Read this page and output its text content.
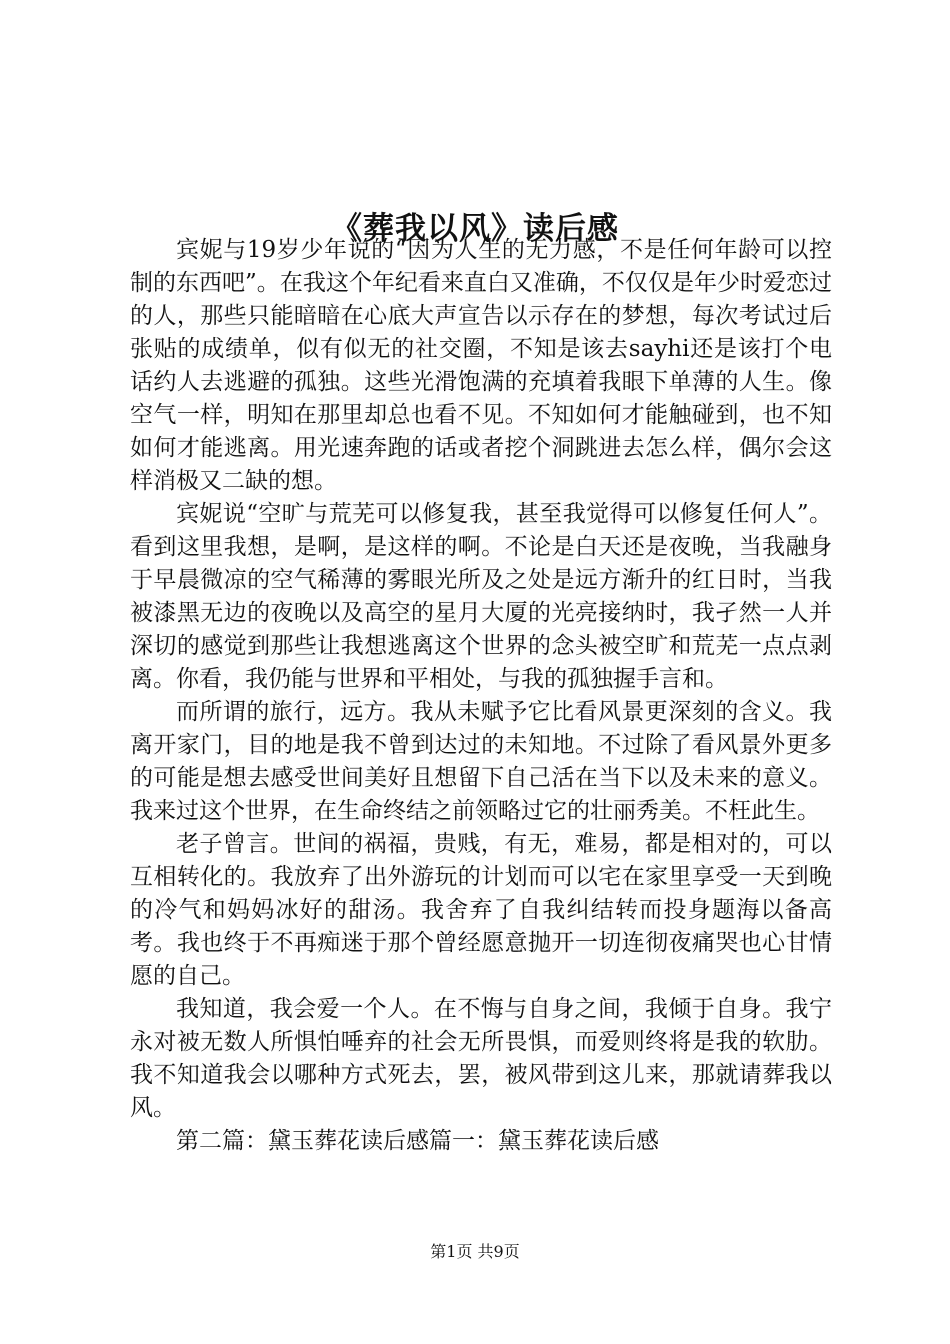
《葬我以风》读后感

宾妮与19岁少年说的“因为人生的无力感，不是任何年龄可以控制的东西吧”。在我这个年纪看来直白又准确，不仅仅是年少时爱恋过的人，那些只能暗暗在心底大声宣告以示存在的梦想，每次考试过后张贴的成绩单，似有似无的社交圈，不知是该去sayhi还是该打个电话约人去逃避的孤独。这些光滑饱满的充填着我眼下单薄的人生。像空气一样，明知在那里却总也看不见。不知如何才能触碰到，也不知如何才能逃离。用光速奔跑的话或者挖个洞跳进去怎么样，偶尔会这样消极又二缺的想。

宾妮说“空旷与荒芜可以修复我，甚至我觉得可以修复任何人”。看到这里我想，是啊，是这样的啊。不论是白天还是夜晚，当我融身于早晨微凉的空气稀薄的雾眼光所及之处是远方渐升的红日时，当我被漆黑无边的夜晚以及高空的星月大厦的光亮接纳时，我孑然一人并深切的感觉到那些让我想逃离这个世界的念头被空旷和荒芜一点点剥离。你看，我仍能与世界和平相处，与我的孤独握手言和。

而所谓的旅行，远方。我从未赋予它比看风景更深刻的含义。我离开家门，目的地是我不曾到达过的未知地。不过除了看风景外更多的可能是想去感受世间美好且想留下自己活在当下以及未来的意义。我来过这个世界，在生命终结之前领略过它的壮丽秀美。不枉此生。

老子曾言。世间的祸福，贵贱，有无，难易，都是相对的，可以互相转化的。我放弃了出外游玩的计划而可以宅在家里享受一天到晚的冷气和妈妈冰好的甜汤。我舍弃了自我纠结转而投身题海以备高考。我也终于不再痴迷于那个曾经愿意抛开一切连彻夜痛哭也心甘情愿的自己。

我知道，我会爱一个人。在不悔与自身之间，我倾于自身。我宁永对被无数人所惧怕唾弃的社会无所畏惧，而爱则终将是我的软肋。我不知道我会以哪种方式死去，罢，被风带到这儿来，那就请葬我以风。

第二篇：黛玉葬花读后感篇一：黛玉葬花读后感

第1页 共9页
